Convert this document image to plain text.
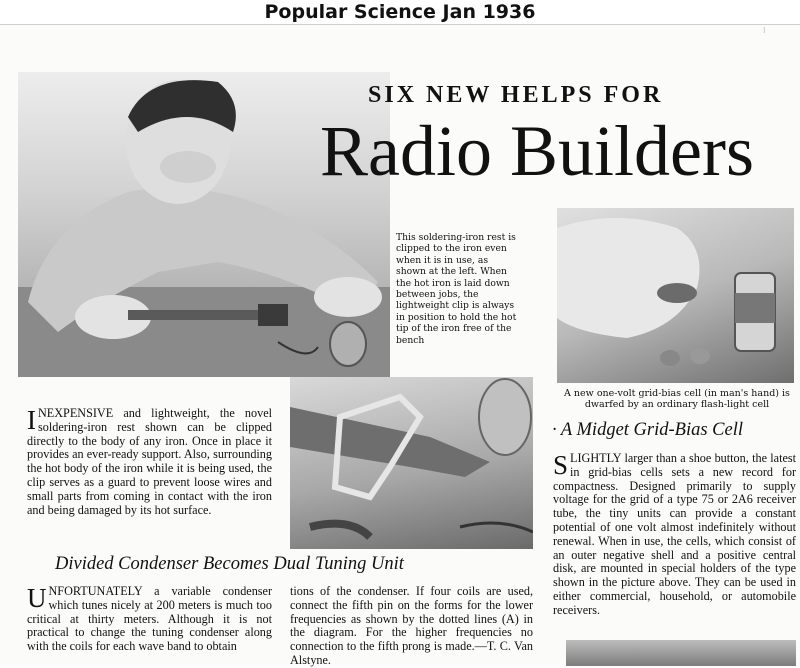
Popular Science Jan 1936
⁝
SIX NEW HELPS FOR
Radio Builders
This soldering-iron rest is clipped to the iron even when it is in use, as shown at the left. When the hot iron is laid down between jobs, the lightweight clip is always in position to hold the hot tip of the iron free of the bench
A new one-volt grid-bias cell (in man's hand) is dwarfed by an ordinary flash-light cell
INEXPENSIVE and lightweight, the novel soldering-iron rest shown can be clipped directly to the body of any iron. Once in place it provides an ever-ready support. Also, surrounding the hot body of the iron while it is being used, the clip serves as a guard to prevent loose wires and small parts from coming in contact with the iron and being damaged by its hot surface.
· A Midget Grid-Bias Cell
SLIGHTLY larger than a shoe button, the latest in grid-bias cells sets a new record for compactness. Designed primarily to supply voltage for the grid of a type 75 or 2A6 receiver tube, the tiny units can provide a constant potential of one volt almost indefinitely without renewal. When in use, the cells, which consist of an outer negative shell and a positive central disk, are mounted in special holders of the type shown in the picture above. They can be used in either commercial, household, or automobile receivers.
Divided Condenser Becomes Dual Tuning Unit
UNFORTUNATELY a variable condenser which tunes nicely at 200 meters is much too critical at thirty meters. Although it is not practical to change the tuning condenser along with the coils for each wave band to obtain
tions of the condenser. If four coils are used, connect the fifth pin on the forms for the lower frequencies as shown by the dotted lines (A) in the diagram. For the higher frequencies no connection to the fifth prong is made.—T. C. Van Alstyne.
